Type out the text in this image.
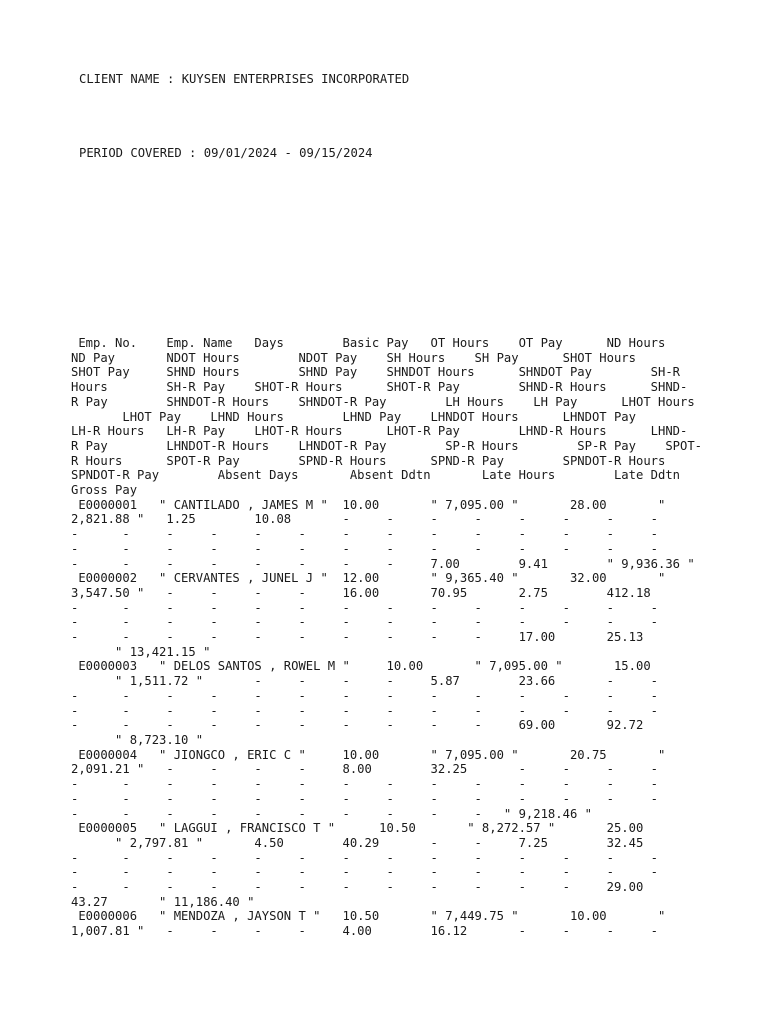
CLIENT NAME : KUYSEN ENTERPRISES INCORPORATED
PERIOD COVERED : 09/01/2024 - 09/15/2024
Emp. No.    Emp. Name   Days        Basic Pay   OT Hours    OT Pay      ND Hours
ND Pay       NDOT Hours        NDOT Pay    SH Hours    SH Pay      SHOT Hours
SHOT Pay     SHND Hours        SHND Pay    SHNDOT Hours      SHNDOT Pay        SH-R
Hours        SH-R Pay    SHOT-R Hours      SHOT-R Pay        SHND-R Hours      SHND-
R Pay        SHNDOT-R Hours    SHNDOT-R Pay        LH Hours    LH Pay      LHOT Hours
LHOT Pay    LHND Hours        LHND Pay    LHNDOT Hours      LHNDOT Pay
LH-R Hours   LH-R Pay    LHOT-R Hours      LHOT-R Pay        LHND-R Hours      LHND-
R Pay        LHNDOT-R Hours    LHNDOT-R Pay        SP-R Hours        SP-R Pay    SPOT-
R Hours      SPOT-R Pay        SPND-R Hours      SPND-R Pay        SPNDOT-R Hours
SPNDOT-R Pay        Absent Days       Absent Ddtn       Late Hours        Late Ddtn
Gross Pay
E0000001   " CANTILADO , JAMES M "  10.00       " 7,095.00 "       28.00       "
2,821.88 "   1.25        10.08       -     -     -     -     -     -     -     -
-      -     -     -     -     -     -     -     -     -     -     -     -     -
-      -     -     -     -     -     -     -     -     -     -     -     -     -
-      -     -     -     -     -     -     -     7.00        9.41        " 9,936.36 "
E0000002   " CERVANTES , JUNEL J "  12.00       " 9,365.40 "       32.00       "
3,547.50 "   -     -     -     -     16.00       70.95       2.75        412.18
-      -     -     -     -     -     -     -     -     -     -     -     -     -
-      -     -     -     -     -     -     -     -     -     -     -     -     -
-      -     -     -     -     -     -     -     -     -     17.00       25.13
" 13,421.15 "
E0000003   " DELOS SANTOS , ROWEL M "     10.00       " 7,095.00 "       15.00
" 1,511.72 "       -     -     -     -     5.87        23.66       -     -
-      -     -     -     -     -     -     -     -     -     -     -     -     -
-      -     -     -     -     -     -     -     -     -     -     -     -     -
-      -     -     -     -     -     -     -     -     -     69.00       92.72
" 8,723.10 "
E0000004   " JIONGCO , ERIC C "     10.00       " 7,095.00 "       20.75       "
2,091.21 "   -     -     -     -     8.00        32.25       -     -     -     -
-      -     -     -     -     -     -     -     -     -     -     -     -     -
-      -     -     -     -     -     -     -     -     -     -     -     -     -
-      -     -     -     -     -     -     -     -     -   " 9,218.46 "
E0000005   " LAGGUI , FRANCISCO T "      10.50       " 8,272.57 "       25.00
" 2,797.81 "       4.50        40.29       -     -     7.25        32.45
-      -     -     -     -     -     -     -     -     -     -     -     -     -
-      -     -     -     -     -     -     -     -     -     -     -     -     -
-      -     -     -     -     -     -     -     -     -     -     -     29.00
43.27       " 11,186.40 "
E0000006   " MENDOZA , JAYSON T "   10.50       " 7,449.75 "       10.00       "
1,007.81 "   -     -     -     -     4.00        16.12       -     -     -     -
